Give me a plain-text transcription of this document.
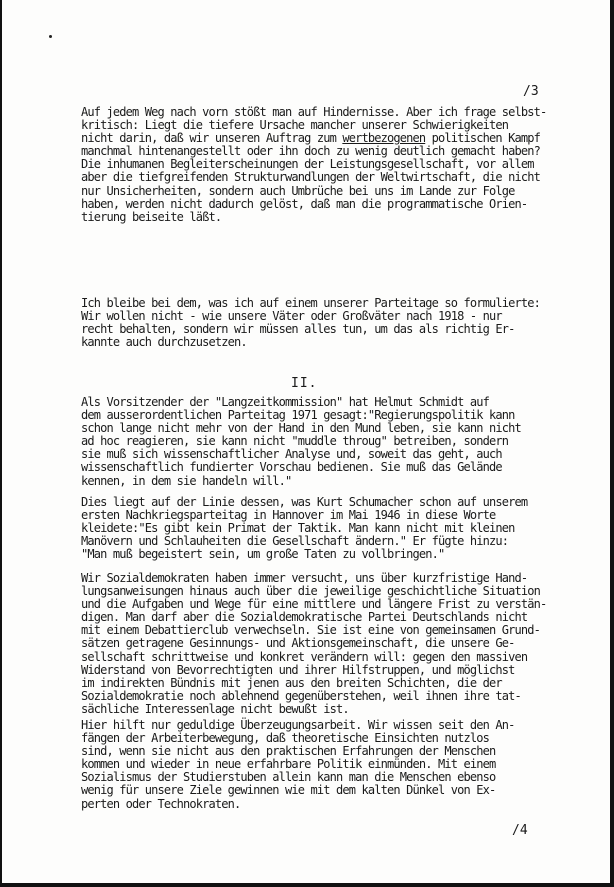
/3
Auf jedem Weg nach vorn stößt man auf Hindernisse. Aber ich frage selbst-
kritisch: Liegt die tiefere Ursache mancher unserer Schwierigkeiten
nicht darin, daß wir unseren Auftrag zum wertbezogenen politischen Kampf
manchmal hintenangestellt oder ihn doch zu wenig deutlich gemacht haben?
Die inhumanen Begleiterscheinungen der Leistungsgesellschaft, vor allem
aber die tiefgreifenden Strukturwandlungen der Weltwirtschaft, die nicht
nur Unsicherheiten, sondern auch Umbrüche bei uns im Lande zur Folge
haben, werden nicht dadurch gelöst, daß man die programmatische Orien-
tierung beiseite läßt.
Ich bleibe bei dem, was ich auf einem unserer Parteitage so formulierte:
Wir wollen nicht - wie unsere Väter oder Großväter nach 1918 - nur
recht behalten, sondern wir müssen alles tun, um das als richtig Er-
kannte auch durchzusetzen.
II.
Als Vorsitzender der "Langzeitkommission" hat Helmut Schmidt auf
dem ausserordentlichen Parteitag 1971 gesagt:"Regierungspolitik kann
schon lange nicht mehr von der Hand in den Mund leben, sie kann nicht
ad hoc reagieren, sie kann nicht "muddle throug" betreiben, sondern
sie muß sich wissenschaftlicher Analyse und, soweit das geht, auch
wissenschaftlich fundierter Vorschau bedienen. Sie muß das Gelände
kennen, in dem sie handeln will."
Dies liegt auf der Linie dessen, was Kurt Schumacher schon auf unserem
ersten Nachkriegsparteitag in Hannover im Mai 1946 in diese Worte
kleidete:"Es gibt kein Primat der Taktik. Man kann nicht mit kleinen
Manövern und Schlauheiten die Gesellschaft ändern." Er fügte hinzu:
"Man muß begeistert sein, um große Taten zu vollbringen."
Wir Sozialdemokraten haben immer versucht, uns über kurzfristige Hand-
lungsanweisungen hinaus auch über die jeweilige geschichtliche Situation
und die Aufgaben und Wege für eine mittlere und längere Frist zu verstän-
digen. Man darf aber die Sozialdemokratische Partei Deutschlands nicht
mit einem Debattierclub verwechseln. Sie ist eine von gemeinsamen Grund-
sätzen getragene Gesinnungs- und Aktionsgemeinschaft, die unsere Ge-
sellschaft schrittweise und konkret verändern will: gegen den massiven
Widerstand von Bevorrechtigten und ihrer Hilfstruppen, und möglichst
im indirekten Bündnis mit jenen aus den breiten Schichten, die der
Sozialdemokratie noch ablehnend gegenüberstehen, weil ihnen ihre tat-
sächliche Interessenlage nicht bewußt ist.
Hier hilft nur geduldige Überzeugungsarbeit. Wir wissen seit den An-
fängen der Arbeiterbewegung, daß theoretische Einsichten nutzlos
sind, wenn sie nicht aus den praktischen Erfahrungen der Menschen
kommen und wieder in neue erfahrbare Politik einmünden. Mit einem
Sozialismus der Studierstuben allein kann man die Menschen ebenso
wenig für unsere Ziele gewinnen wie mit dem kalten Dünkel von Ex-
perten oder Technokraten.
/4
